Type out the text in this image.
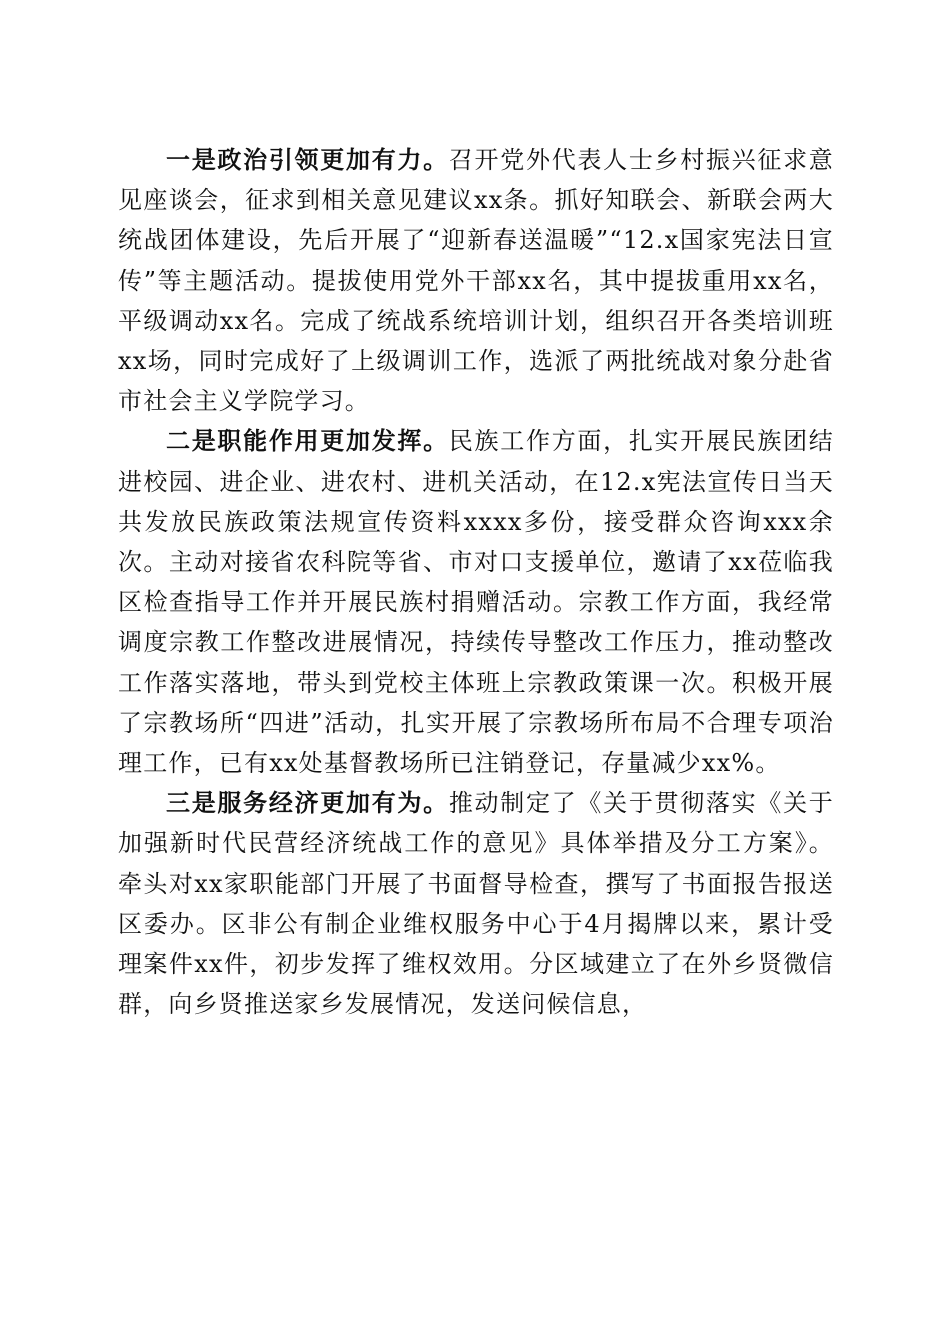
一是政治引领更加有力。召开党外代表人士乡村振兴征求意见座谈会，征求到相关意见建议xx条。抓好知联会、新联会两大统战团体建设，先后开展了“迎新春送温暖”“12.x国家宪法日宣传”等主题活动。提拔使用党外干部xx名，其中提拔重用xx名，平级调动xx名。完成了统战系统培训计划，组织召开各类培训班xx场，同时完成好了上级调训工作，选派了两批统战对象分赴省市社会主义学院学习。

二是职能作用更加发挥。民族工作方面，扎实开展民族团结进校园、进企业、进农村、进机关活动，在12.x宪法宣传日当天共发放民族政策法规宣传资料xxxx多份，接受群众咨询xxx余次。主动对接省农科院等省、市对口支援单位，邀请了xx莅临我区检查指导工作并开展民族村捐赠活动。宗教工作方面，我经常调度宗教工作整改进展情况，持续传导整改工作压力，推动整改工作落实落地，带头到党校主体班上宗教政策课一次。积极开展了宗教场所“四进”活动，扎实开展了宗教场所布局不合理专项治理工作，已有xx处基督教场所已注销登记，存量减少xx%。

三是服务经济更加有为。推动制定了《关于贯彻落实《关于加强新时代民营经济统战工作的意见》具体举措及分工方案》。牵头对xx家职能部门开展了书面督导检查，撰写了书面报告报送区委办。区非公有制企业维权服务中心于4月揭牌以来，累计受理案件xx件，初步发挥了维权效用。分区域建立了在外乡贤微信群，向乡贤推送家乡发展情况，发送问候信息，
